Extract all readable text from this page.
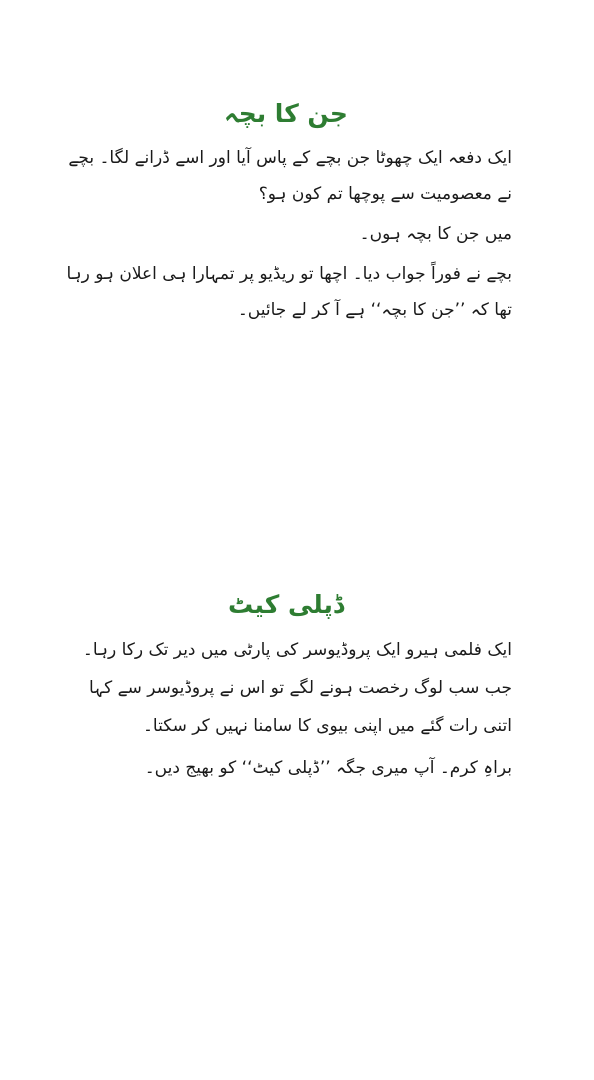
جن کا بچہ

ایک دفعہ ایک چھوٹا جن بچے کے پاس آیا اور اسے ڈرانے لگا۔ بچے نے معصومیت سے پوچھا تم کون ہو؟

میں جن کا بچہ ہوں۔

بچے نے فوراً جواب دیا۔ اچھا تو ریڈیو پر تمہارا ہی اعلان ہو رہا تھا کہ ’’جن کا بچہ‘‘ ہے آ کر لے جائیں۔

ڈپلی کیٹ

ایک فلمی ہیرو ایک پروڈیوسر کی پارٹی میں دیر تک رکا رہا۔ جب سب لوگ رخصت ہونے لگے تو اس نے پروڈیوسر سے کہا اتنی رات گئے میں اپنی بیوی کا سامنا نہیں کر سکتا۔

براہِ کرم۔ آپ میری جگہ ’’ڈپلی کیٹ‘‘ کو بھیج دیں۔
